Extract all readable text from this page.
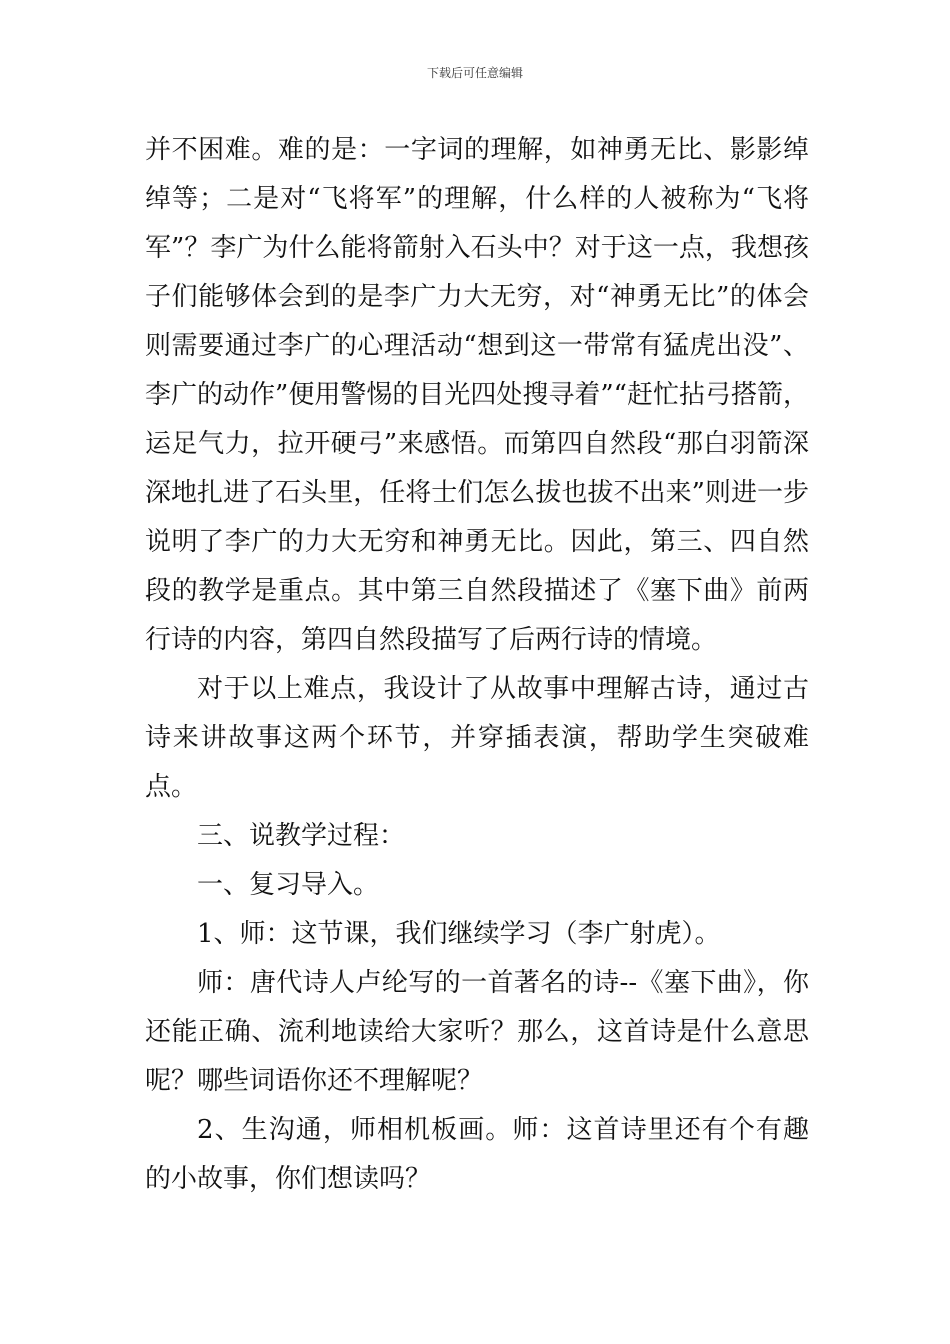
下载后可任意编辑

并不困难。难的是：一字词的理解，如神勇无比、影影绰绰等；二是对“飞将军”的理解，什么样的人被称为“飞将军”？李广为什么能将箭射入石头中？对于这一点，我想孩子们能够体会到的是李广力大无穷，对“神勇无比”的体会则需要通过李广的心理活动“想到这一带常有猛虎出没”、李广的动作”便用警惕的目光四处搜寻着”“赶忙拈弓搭箭，运足气力，拉开硬弓”来感悟。而第四自然段“那白羽箭深深地扎进了石头里，任将士们怎么拔也拔不出来”则进一步说明了李广的力大无穷和神勇无比。因此，第三、四自然段的教学是重点。其中第三自然段描述了《塞下曲》前两行诗的内容，第四自然段描写了后两行诗的情境。

对于以上难点，我设计了从故事中理解古诗，通过古诗来讲故事这两个环节，并穿插表演，帮助学生突破难点。

三、说教学过程：

一、复习导入。

1、师：这节课，我们继续学习（李广射虎）。

师：唐代诗人卢纶写的一首著名的诗--《塞下曲》，你还能正确、流利地读给大家听？那么，这首诗是什么意思呢？哪些词语你还不理解呢？

2、生沟通，师相机板画。师：这首诗里还有个有趣的小故事，你们想读吗？
